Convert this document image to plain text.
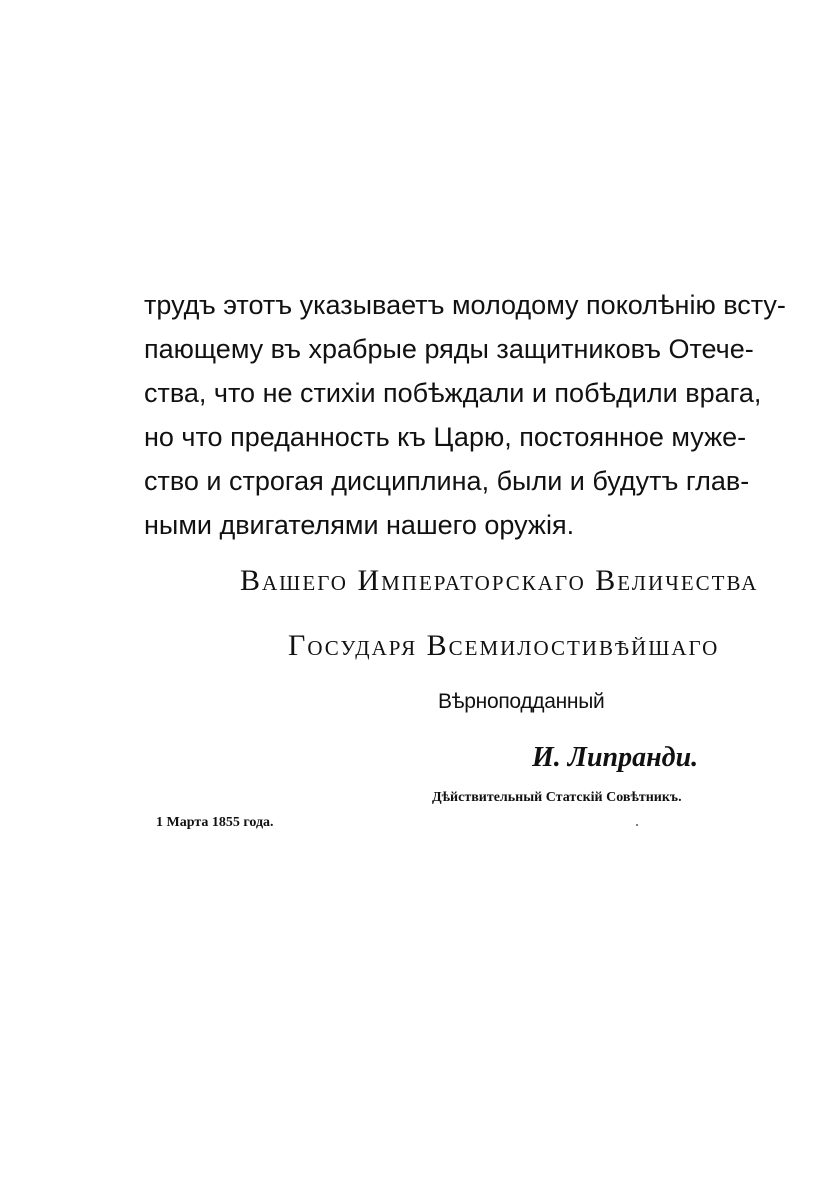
трудъ этотъ указываетъ молодому поколѣнію всту-
пающему въ храбрые ряды защитниковъ Отече-
ства, что не стихіи побѣждали и побѣдили врага,
но что преданность къ Царю, постоянное муже-
ство и строгая дисциплина, были и будутъ глав-
ными двигателями нашего оружія.

Вашего Императорскаго Величества

Государя Всемилостивѣйшаго

Вѣрноподданный

И. Липранди.

Дѣйствительный Статскій Совѣтникъ.

1 Марта 1855 года.
